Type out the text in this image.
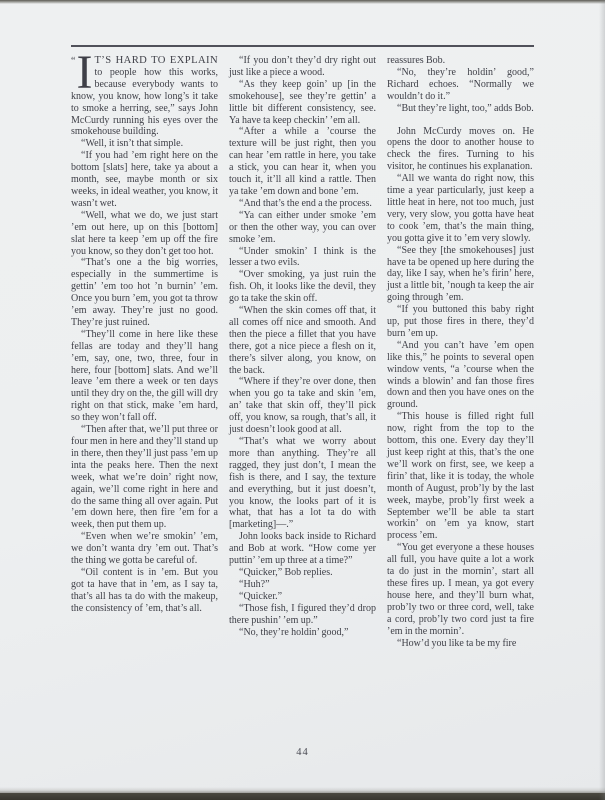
“ I T’S HARD TO EXPLAIN to people how this works, because everybody wants to know, you know, how long’s it take to smoke a herring, see,” says John McCurdy running his eyes over the smokehouse building.

“Well, it isn’t that simple.

“If you had ’em right here on the bottom [slats] here, take ya about a month, see, maybe month or six weeks, in ideal weather, you know, it wasn’t wet.

“Well, what we do, we just start ’em out here, up on this [bottom] slat here ta keep ’em up off the fire you know, so they don’t get too hot.

“That’s one a the big worries, especially in the summertime is gettin’ ’em too hot ’n burnin’ ’em. Once you burn ’em, you got ta throw ’em away. They’re just no good. They’re just ruined.

“They’ll come in here like these fellas are today and they’ll hang ’em, say, one, two, three, four in here, four [bottom] slats. And we’ll leave ’em there a week or ten days until they dry on the, the gill will dry right on that stick, make ’em hard, so they won’t fall off.

“Then after that, we’ll put three or four men in here and they’ll stand up in there, then they’ll just pass ’em up inta the peaks here. Then the next week, what we’re doin’ right now, again, we’ll come right in here and do the same thing all over again. Put ’em down here, then fire ’em for a week, then put them up.

“Even when we’re smokin’ ’em, we don’t wanta dry ’em out. That’s the thing we gotta be careful of.

“Oil content is in ’em. But you got ta have that in ’em, as I say ta, that’s all has ta do with the makeup, the consistency of ’em, that’s all.

“If you don’t they’d dry right out just like a piece a wood.

“As they keep goin’ up [in the smokehouse], see they’re gettin’ a little bit different consistency, see. Ya have ta keep checkin’ ’em all.

“After a while a ’course the texture will be just right, then you can hear ’em rattle in here, you take a stick, you can hear it, when you touch it, it’ll all kind a rattle. Then ya take ’em down and bone ’em.

“And that’s the end a the process.

“Ya can either under smoke ’em or then the other way, you can over smoke ’em.

“Under smokin’ I think is the lesser a two evils.

“Over smoking, ya just ruin the fish. Oh, it looks like the devil, they go ta take the skin off.

“When the skin comes off that, it all comes off nice and smooth. And then the piece a fillet that you have there, got a nice piece a flesh on it, there’s silver along, you know, on the back.

“Where if they’re over done, then when you go ta take and skin ’em, an’ take that skin off, they’ll pick off, you know, sa rough, that’s all, it just doesn’t look good at all.

“That’s what we worry about more than anything. They’re all ragged, they just don’t, I mean the fish is there, and I say, the texture and everything, but it just doesn’t, you know, the looks part of it is what, that has a lot ta do with [marketing]—.”

John looks back inside to Richard and Bob at work. “How come yer puttin’ ’em up three at a time?”

“Quicker,” Bob replies.

“Huh?”

“Quicker.”

“Those fish, I figured they’d drop there pushin’ ’em up.”

“No, they’re holdin’ good,”

reassures Bob.

“No, they’re holdin’ good,” Richard echoes. “Normally we wouldn’t do it.”

“But they’re light, too,” adds Bob.

John McCurdy moves on. He opens the door to another house to check the fires. Turning to his visitor, he continues his explanation.

“All we wanta do right now, this time a year particularly, just keep a little heat in here, not too much, just very, very slow, you gotta have heat to cook ’em, that’s the main thing, you gotta give it to ’em very slowly.

“See they [the smokehouses] just have ta be opened up here during the day, like I say, when he’s firin’ here, just a little bit, ’nough ta keep the air going through ’em.

“If you buttoned this baby right up, put those fires in there, they’d burn ’em up.

“And you can’t have ’em open like this,” he points to several open window vents, “a ’course when the winds a blowin’ and fan those fires down and then you have ones on the ground.

“This house is filled right full now, right from the top to the bottom, this one. Every day they’ll just keep right at this, that’s the one we’ll work on first, see, we keep a firin’ that, like it is today, the whole month of August, prob’ly by the last week, maybe, prob’ly first week a September we’ll be able ta start workin’ on ’em ya know, start process ’em.

“You get everyone a these houses all full, you have quite a lot a work ta do just in the mornin’, start all these fires up. I mean, ya got every house here, and they’ll burn what, prob’ly two or three cord, well, take a cord, prob’ly two cord just ta fire ’em in the mornin’.

“How’d you like ta be my fire

44
